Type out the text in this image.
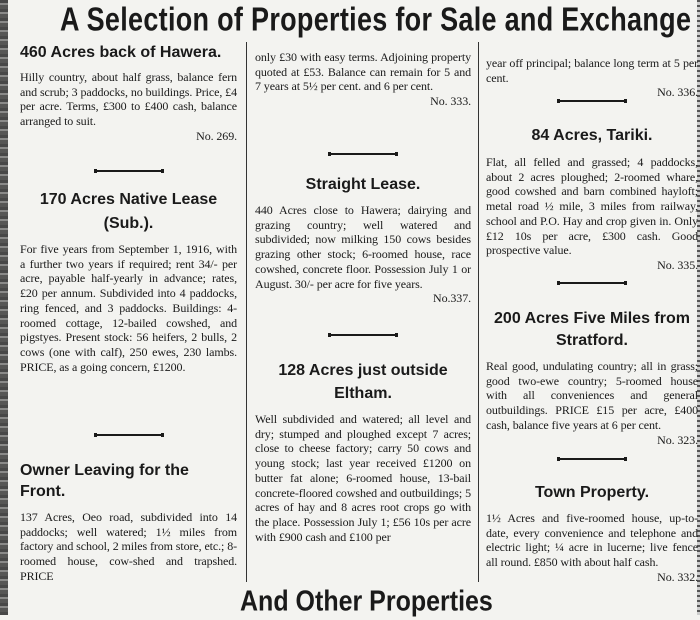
A Selection of Properties for Sale and Exchange
460 Acres back of Hawera.

Hilly country, about half grass, balance fern and scrub; 3 paddocks, no buildings. Price, £4 per acre. Terms, £300 to £400 cash, balance arranged to suit.
No. 269.

170 Acres Native Lease
(Sub.).

For five years from September 1, 1916, with a further two years if required; rent 34/- per acre, payable half-yearly in advance; rates, £20 per annum. Subdivided into 4 paddocks, ring fenced, and 3 paddocks. Buildings: 4-roomed cottage, 12-bailed cowshed, and pigstyes. Present stock: 56 heifers, 2 bulls, 2 cows (one with calf), 250 ewes, 230 lambs. PRICE, as a going concern, £1200.

Owner Leaving for the Front.

137 Acres, Oeo road, subdivided into 14 paddocks; well watered; 1½ miles from factory and school, 2 miles from store, etc.; 8-roomed house, cow-shed and trapshed. PRICE

only £30 with easy terms. Adjoining property quoted at £53. Balance can remain for 5 and 7 years at 5½ per cent. and 6 per cent.
No. 333.

Straight Lease.

440 Acres close to Hawera; dairying and grazing country; well watered and subdivided; now milking 150 cows besides grazing other stock; 6-roomed house, race cowshed, concrete floor. Possession July 1 or August. 30/- per acre for five years.
No.337.

128 Acres just outside
Eltham.

Well subdivided and watered; all level and dry; stumped and ploughed except 7 acres; close to cheese factory; carry 50 cows and young stock; last year received £1200 on butter fat alone; 6-roomed house, 13-bail concrete-floored cowshed and outbuildings; 5 acres of hay and 8 acres root crops go with the place. Possession July 1; £56 10s per acre with £900 cash and £100 per

year off principal; balance long term at 5 per cent.
No. 336.

84 Acres, Tariki.

Flat, all felled and grassed; 4 paddocks, about 2 acres ploughed; 2-roomed whare, good cowshed and barn combined hayloft; metal road ½ mile, 3 miles from railway, school and P.O. Hay and crop given in. Only £12 10s per acre, £300 cash. Good prospective value.
No. 335.

200 Acres Five Miles from
Stratford.

Real good, undulating country; all in grass; good two-ewe country; 5-roomed house with all conveniences and general outbuildings. PRICE £15 per acre, £400 cash, balance five years at 6 per cent.
No. 323.

Town Property.

1½ Acres and five-roomed house, up-to-date, every convenience and telephone and electric light; ¼ acre in lucerne; live fence all round. £850 with about half cash.
No. 332.

And Other Properties
